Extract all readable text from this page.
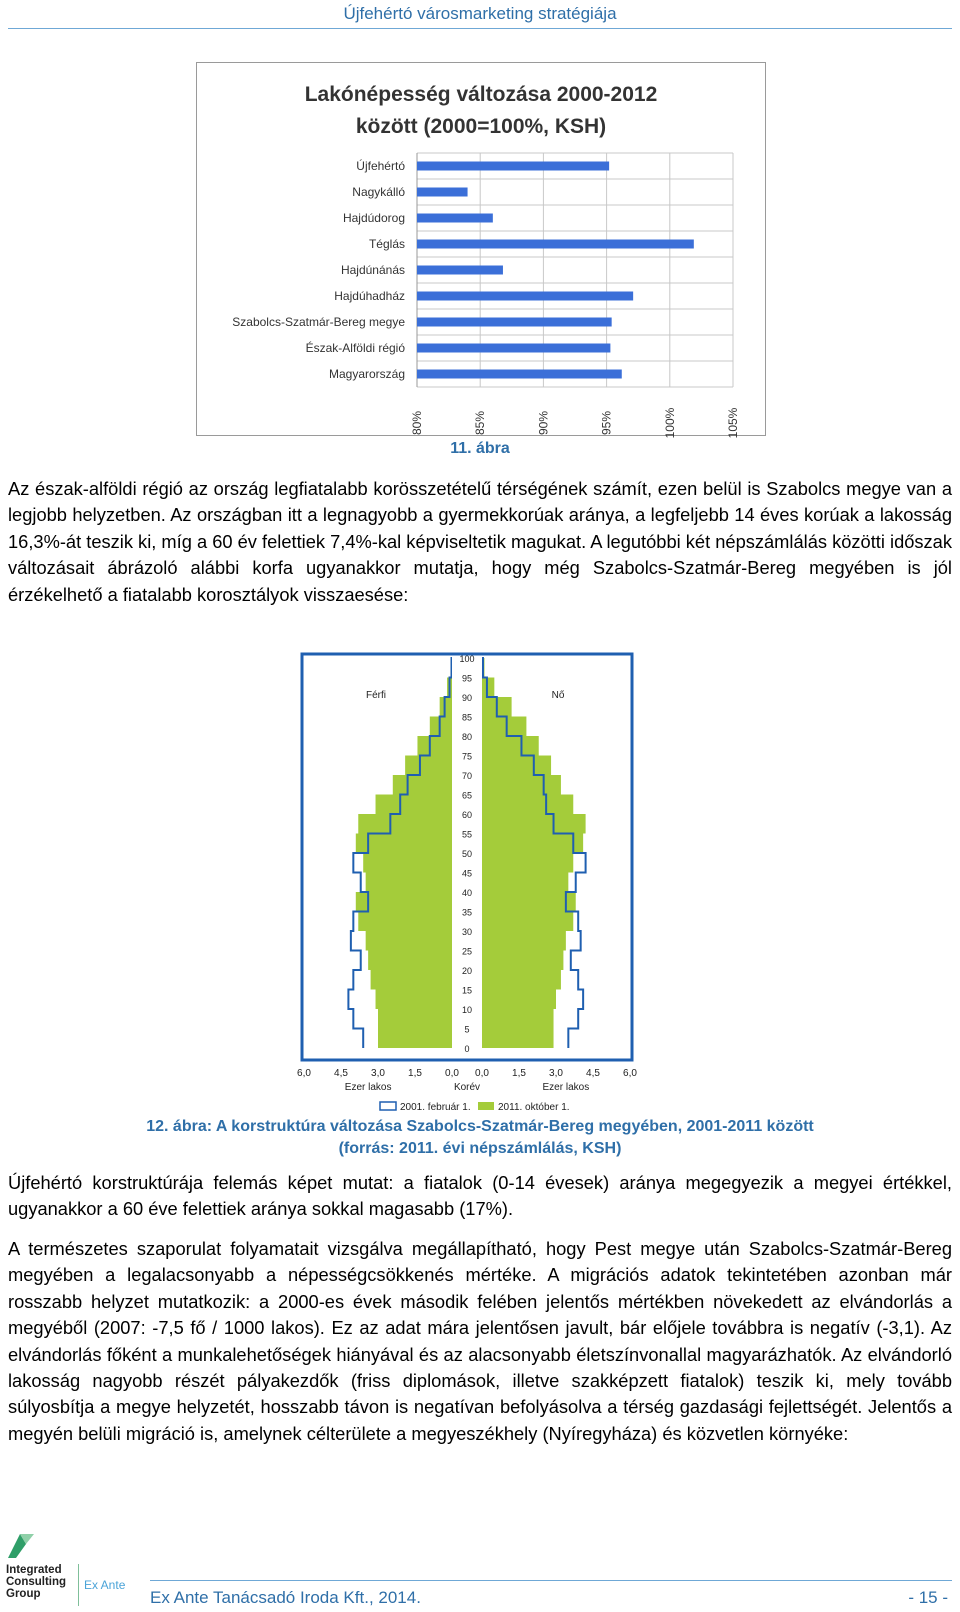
Újfehértó városmarketing stratégiája
Lakónépesség változása 2000-2012
között (2000=100%, KSH)
80%	85%	90%	95%	100%	105%
Újfehértó
Nagykálló
Hajdúdorog
Téglás
Hajdúnánás
Hajdúhadház
Szabolcs-Szatmár-Bereg megye
Észak-Alföldi régió
Magyarország
11. ábra

Az észak-alföldi régió az ország legfiatalabb korösszetételű térségének számít, ezen belül is Szabolcs megye van a legjobb helyzetben. Az országban itt a legnagyobb a gyermekkorúak aránya, a legfeljebb 14 éves korúak a lakosság 16,3%-át teszik ki, míg a 60 év felettiek 7,4%-kal képviseltetik magukat. A legutóbbi két népszámlálás közötti időszak változásait ábrázoló alábbi korfa ugyanakkor mutatja, hogy még Szabolcs-Szatmár-Bereg megyében is jól érzékelhető a fiatalabb korosztályok visszaesése:

100
95
90
85
80
75
70
65
60
55
50
45
40
35
30
25
20
15
10
5
0
Férfi	Nő
6,0 4,5 3,0 1,5 0,0 0,0 1,5 3,0 4,5 6,0
Ezer lakos	Korév	Ezer lakos
2001. február 1.	2011. október 1.
12. ábra: A korstruktúra változása Szabolcs-Szatmár-Bereg megyében, 2001-2011 között
(forrás: 2011. évi népszámlálás, KSH)

Újfehértó korstruktúrája felemás képet mutat: a fiatalok (0-14 évesek) aránya megegyezik a megyei értékkel, ugyanakkor a 60 éve felettiek aránya sokkal magasabb (17%).

A természetes szaporulat folyamatait vizsgálva megállapítható, hogy Pest megye után Szabolcs-Szatmár-Bereg megyében a legalacsonyabb a népességcsökkenés mértéke. A migrációs adatok tekintetében azonban már rosszabb helyzet mutatkozik: a 2000-es évek második felében jelentős mértékben növekedett az elvándorlás a megyéből (2007: -7,5 fő / 1000 lakos). Ez az adat mára jelentősen javult, bár előjele továbbra is negatív (-3,1). Az elvándorlás főként a munkalehetőségek hiányával és az alacsonyabb életszínvonallal magyarázhatók. Az elvándorló lakosság nagyobb részét pályakezdők (friss diplomások, illetve szakképzett fiatalok) teszik ki, mely tovább súlyosbítja a megye helyzetét, hosszabb távon is negatívan befolyásolva a térség gazdasági fejlettségét. Jelentős a megyén belüli migráció is, amelynek célterülete a megyeszékhely (Nyíregyháza) és közvetlen környéke:

Integrated
Consulting
Group
Ex Ante
Ex Ante Tanácsadó Iroda Kft., 2014.	- 15 -
